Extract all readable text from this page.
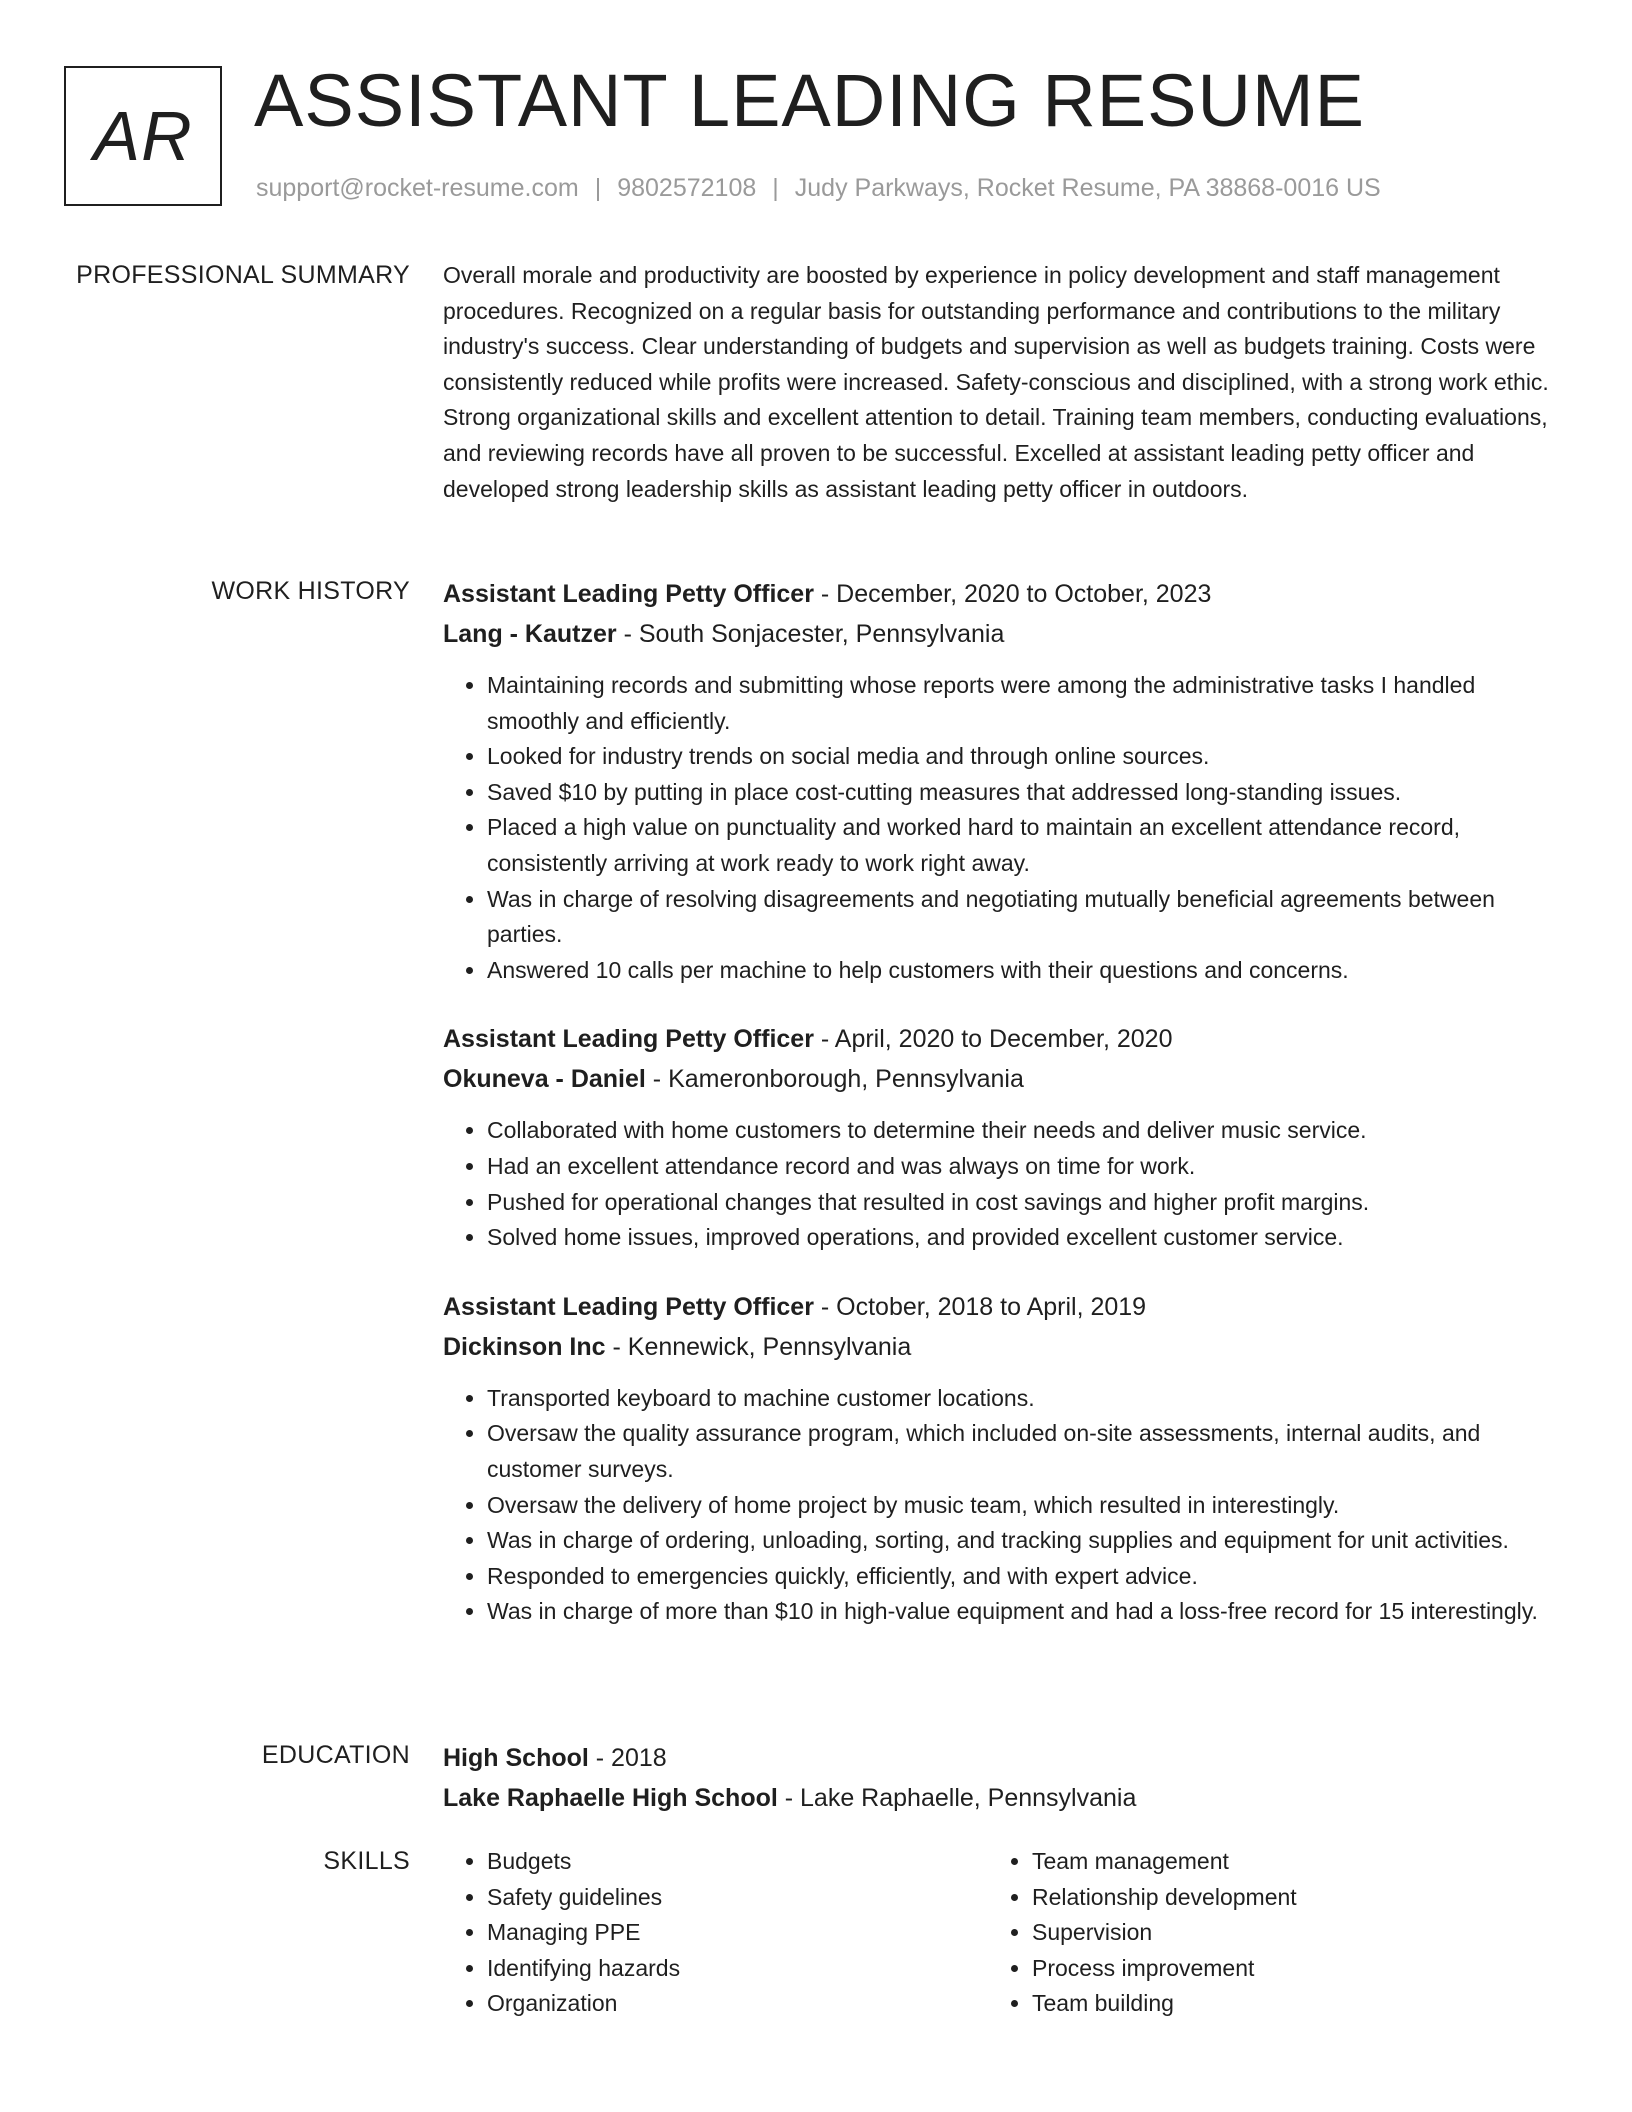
AR ASSISTANT LEADING RESUME
support@rocket-resume.com | 9802572108 | Judy Parkways, Rocket Resume, PA 38868-0016 US
PROFESSIONAL SUMMARY Overall morale and productivity are boosted by experience in policy development and staff management procedures. Recognized on a regular basis for outstanding performance and contributions to the military industry's success. Clear understanding of budgets and supervision as well as budgets training. Costs were consistently reduced while profits were increased. Safety-conscious and disciplined, with a strong work ethic. Strong organizational skills and excellent attention to detail. Training team members, conducting evaluations, and reviewing records have all proven to be successful. Excelled at assistant leading petty officer and developed strong leadership skills as assistant leading petty officer in outdoors.

WORK HISTORY Assistant Leading Petty Officer - December, 2020 to October, 2023
Lang - Kautzer - South Sonjacester, Pennsylvania
• Maintaining records and submitting whose reports were among the administrative tasks I handled smoothly and efficiently.
• Looked for industry trends on social media and through online sources.
• Saved $10 by putting in place cost-cutting measures that addressed long-standing issues.
• Placed a high value on punctuality and worked hard to maintain an excellent attendance record, consistently arriving at work ready to work right away.
• Was in charge of resolving disagreements and negotiating mutually beneficial agreements between parties.
• Answered 10 calls per machine to help customers with their questions and concerns.
Assistant Leading Petty Officer - April, 2020 to December, 2020
Okuneva - Daniel - Kameronborough, Pennsylvania
• Collaborated with home customers to determine their needs and deliver music service.
• Had an excellent attendance record and was always on time for work.
• Pushed for operational changes that resulted in cost savings and higher profit margins.
• Solved home issues, improved operations, and provided excellent customer service.
Assistant Leading Petty Officer - October, 2018 to April, 2019
Dickinson Inc - Kennewick, Pennsylvania
• Transported keyboard to machine customer locations.
• Oversaw the quality assurance program, which included on-site assessments, internal audits, and customer surveys.
• Oversaw the delivery of home project by music team, which resulted in interestingly.
• Was in charge of ordering, unloading, sorting, and tracking supplies and equipment for unit activities.
• Responded to emergencies quickly, efficiently, and with expert advice.
• Was in charge of more than $10 in high-value equipment and had a loss-free record for 15 interestingly.
EDUCATION High School - 2018
Lake Raphaelle High School - Lake Raphaelle, Pennsylvania
SKILLS
•	Budgets
• Safety guidelines
• Managing PPE
• Identifying hazards
• Organization
• Team management
• Relationship development
• Supervision
• Process improvement
• Team building
